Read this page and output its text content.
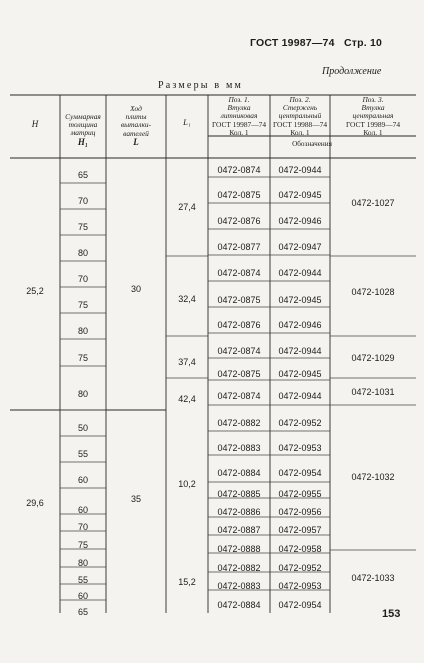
ГОСТ 19987—74 Стр. 10
Продолжение
Размеры в мм
Н
Суммарная
толщина
матриц
Н₁
Ход
плиты
выталки-
вателей
L
L₁
Поз. 1.
Втулка
литниковая
ГОСТ 19987—74
Кол. 1
Поз. 2.
Стержень
центральный
ГОСТ 19988—74
Кол. 1
Поз. 3.
Втулка
центральная
ГОСТ 19989—74
Кол. 1
Обозначения
25,2
29,6
30
35
65
70
75
80
70
75
80
75
80
50
55
60
60
70
75
80
55
60
65
27,4
32,4
37,4
42,4
10,2
15,2
0472-0874
0472-0875
0472-0876
0472-0877
0472-0874
0472-0875
0472-0876
0472-0874
0472-0875
0472-0874
0472-0882
0472-0883
0472-0884
0472-0885
0472-0886
0472-0887
0472-0888
0472-0882
0472-0883
0472-0884
0472-0944
0472-0945
0472-0946
0472-0947
0472-0944
0472-0945
0472-0946
0472-0944
0472-0945
0472-0944
0472-0952
0472-0953
0472-0954
0472-0955
0472-0956
0472-0957
0472-0958
0472-0952
0472-0953
0472-0954
0472-1027
0472-1028
0472-1029
0472-1031
0472-1032
0472-1033
153
